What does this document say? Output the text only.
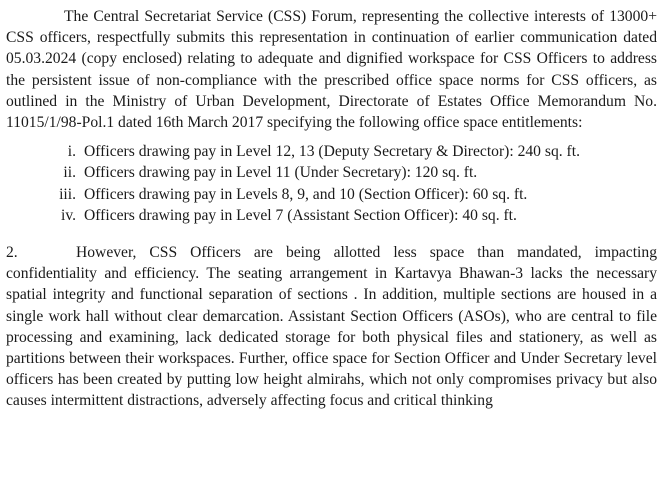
The Central Secretariat Service (CSS) Forum, representing the collective interests of 13000+ CSS officers, respectfully submits this representation in continuation of earlier communication dated 05.03.2024 (copy enclosed) relating to adequate and dignified workspace for CSS Officers to address the persistent issue of non-compliance with the prescribed office space norms for CSS officers, as outlined in the Ministry of Urban Development, Directorate of Estates Office Memorandum No. 11015/1/98-Pol.1 dated 16th March 2017 specifying the following office space entitlements:

i. Officers drawing pay in Level 12, 13 (Deputy Secretary & Director): 240 sq. ft.
ii. Officers drawing pay in Level 11 (Under Secretary): 120 sq. ft.
iii. Officers drawing pay in Levels 8, 9, and 10 (Section Officer): 60 sq. ft.
iv. Officers drawing pay in Level 7 (Assistant Section Officer): 40 sq. ft.

2.	However, CSS Officers are being allotted less space than mandated, impacting confidentiality and efficiency. The seating arrangement in Kartavya Bhawan-3 lacks the necessary spatial integrity and functional separation of sections . In addition, multiple sections are housed in a single work hall without clear demarcation. Assistant Section Officers (ASOs), who are central to file processing and examining, lack dedicated storage for both physical files and stationery, as well as partitions between their workspaces. Further, office space for Section Officer and Under Secretary level officers has been created by putting low height almirahs, which not only compromises privacy but also causes intermittent distractions, adversely affecting focus and critical thinking
